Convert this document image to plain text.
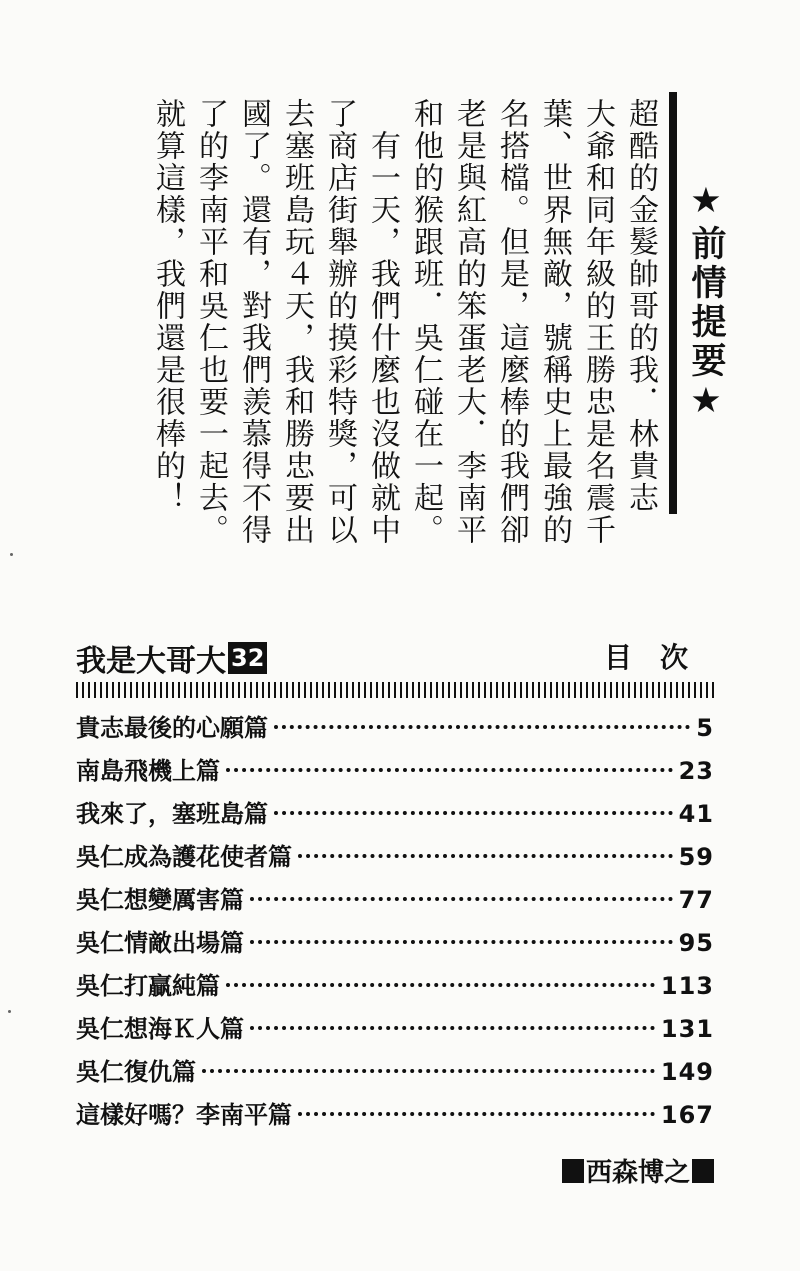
★前情提要★
超酷的金髮帥哥的我．林貴志
大爺和同年級的王勝忠是名震千
葉、世界無敵，號稱史上最強的
名搭檔。但是，這麼棒的我們卻
老是與紅高的笨蛋老大．李南平
和他的猴跟班．吳仁碰在一起。
　有一天，我們什麼也沒做就中
了商店街舉辦的摸彩特獎，可以
去塞班島玩４天，我和勝忠要出
國了。還有，對我們羨慕得不得
了的李南平和吳仁也要一起去。
就算這樣，我們還是很棒的！
我是大哥大 32	目次
貴志最後的心願篇	5
南島飛機上篇	23
我來了，塞班島篇	41
吳仁成為護花使者篇	59
吳仁想變厲害篇	77
吳仁情敵出場篇	95
吳仁打贏純篇	113
吳仁想海Ｋ人篇	131
吳仁復仇篇	149
這樣好嗎？李南平篇	167
西森博之
